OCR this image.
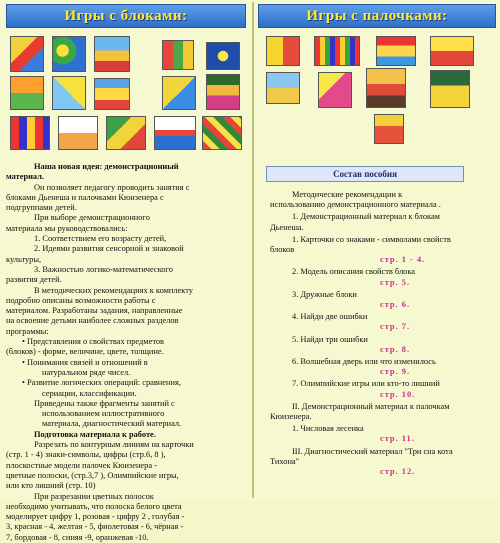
Игры с блоками:

Наша новая идея: демонстрационный

материал.

Он позволяет педагогу проводить занятия с

блоками Дьенеша и палочками Кюизенера с

подгруппами детей.

При выборе демонстрационного

материала мы руководствовались:

1. Соответствием его возрасту детей,

2. Идеями развития сенсорной и знаковой

культуры,

3. Важностью логико-математического

развития детей.

В методических рекомендациях к комплекту

подробно описаны возможности работы с

материалом. Разработаны задания, направленные

на освоение детьми наиболее сложных разделов

программы:

• Представления о свойствах предметов

(блоков) - форме, величине, цвете, толщине.

• Понимания связей и отношений в

натуральном ряде чисел.

• Развитие логических операций: сравнения,

сериации, классификации.

Приведены также фрагменты занятий с

использованием иллюстративного

материала, диагностический материал.

Подготовка материала к работе.

Разрезать по контурным линиям на карточки

(стр. 1 - 4) знаки-символы, цифры (стр.6, 8 ),

плоскостные модели палочек Кюизенера -

цветные полоски, (стр.3,7 ), Олимпийские игры,

или кто лишний (стр. 10)

При разрезании цветных полосок

необходимо учитывать, что полоска белого цвета

моделирует цифру 1, розовая - цифру 2 , голубая -

3, красная - 4, желтая - 5, фиолетовая - 6, чёрная -

7, бордовая - 8, синяя -9, оранжевая -10.

Игры с палочками:
Состав пособия
Методические рекомендации к
использованию демонстрационного материала .
1. Демонстрационный материал к блокам
Дьенеша.
1. Карточки со знаками - символами свойств
блоков
стр. 1 - 4.
2. Модель описания свойств блока
стр. 5.
3. Дружные блоки
стр. 6.
4. Найди две ошибки
стр. 7.
5. Найди три ошибки
стр. 8.
6. Волшебная дверь или что изменилось
стр. 9.
7. Олимпийские игры или кто-то лишний
стр. 10.
II. Демонстрационный материал к палочкам
Кюизенера.
1. Числовая лесенка
стр. 11.
III. Диагностический материал "Три сна кота
Тихона"
стр. 12.
